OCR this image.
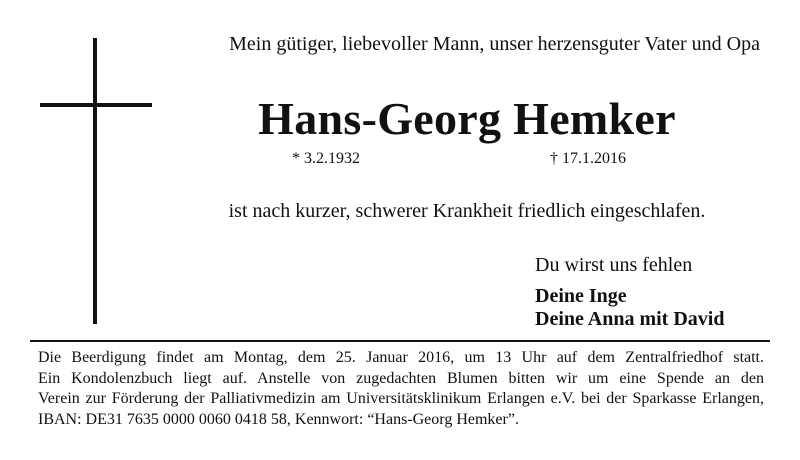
Mein gütiger, liebevoller Mann, unser herzensguter Vater und Opa
Hans-Georg Hemker
* 3.2.1932	† 17.1.2016
ist nach kurzer, schwerer Krankheit friedlich eingeschlafen.
Du wirst uns fehlen
Deine Inge
Deine Anna mit David
Die Beerdigung findet am Montag, dem 25. Januar 2016, um 13 Uhr auf dem Zentralfriedhof statt.
Ein Kondolenzbuch liegt auf. Anstelle von zugedachten Blumen bitten wir um eine Spende an den
Verein zur Förderung der Palliativmedizin am Universitätsklinikum Erlangen e.V. bei der Sparkasse Erlangen,
IBAN: DE31 7635 0000 0060 0418 58, Kennwort: “Hans-Georg Hemker”.
